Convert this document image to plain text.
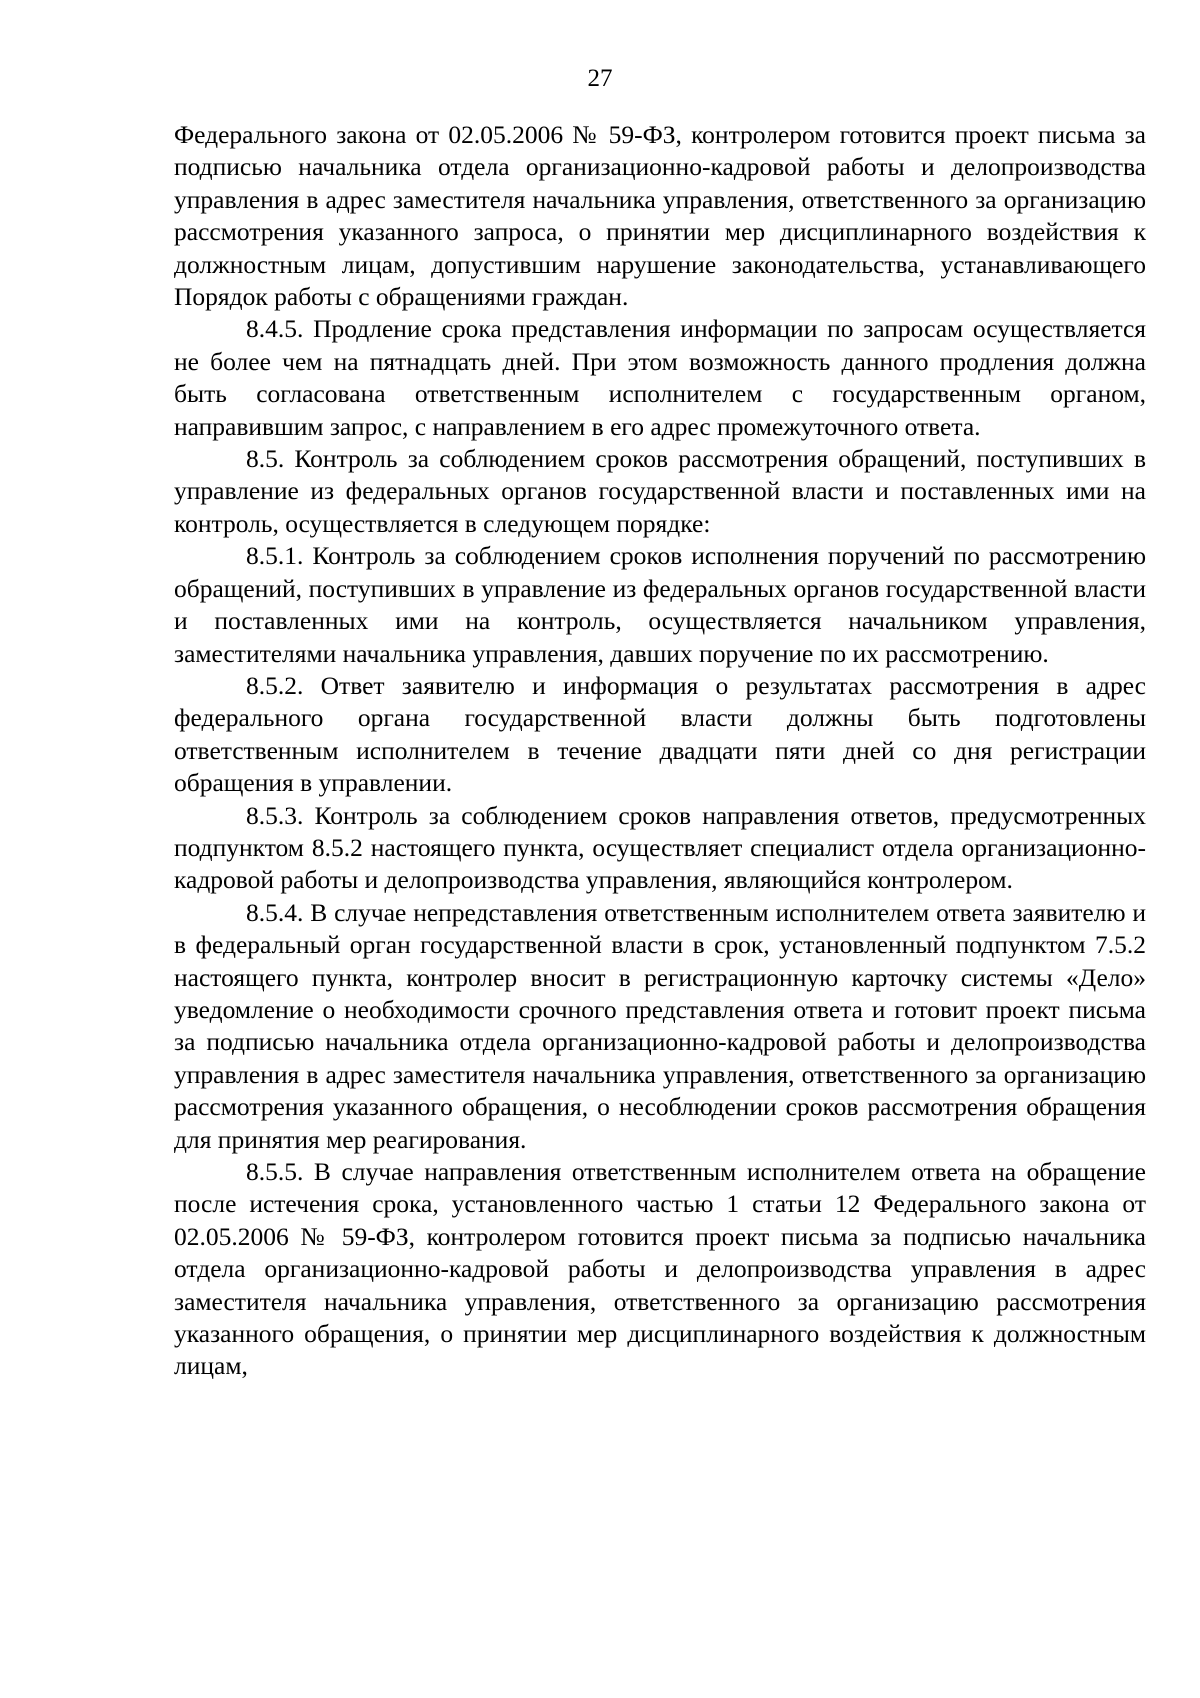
27

Федерального закона от 02.05.2006 № 59-ФЗ, контролером готовится проект письма за подписью начальника отдела организационно-кадровой работы и делопроизводства управления в адрес заместителя начальника управления, ответственного за организацию рассмотрения указанного запроса, о принятии мер дисциплинарного воздействия к должностным лицам, допустившим нарушение законодательства, устанавливающего Порядок работы с обращениями граждан.

8.4.5. Продление срока представления информации по запросам осуществляется не более чем на пятнадцать дней. При этом возможность данного продления должна быть согласована ответственным исполнителем с государственным органом, направившим запрос, с направлением в его адрес промежуточного ответа.

8.5. Контроль за соблюдением сроков рассмотрения обращений, поступивших в управление из федеральных органов государственной власти и поставленных ими на контроль, осуществляется в следующем порядке:

8.5.1. Контроль за соблюдением сроков исполнения поручений по рассмотрению обращений, поступивших в управление из федеральных органов государственной власти и поставленных ими на контроль, осуществляется начальником управления, заместителями начальника управления, давших поручение по их рассмотрению.

8.5.2. Ответ заявителю и информация о результатах рассмотрения в адрес федерального органа государственной власти должны быть подготовлены ответственным исполнителем в течение двадцати пяти дней со дня регистрации обращения в управлении.

8.5.3. Контроль за соблюдением сроков направления ответов, предусмотренных подпунктом 8.5.2 настоящего пункта, осуществляет специалист отдела организационно-кадровой работы и делопроизводства управления, являющийся контролером.

8.5.4. В случае непредставления ответственным исполнителем ответа заявителю и в федеральный орган государственной власти в срок, установленный подпунктом 7.5.2 настоящего пункта, контролер вносит в регистрационную карточку системы «Дело» уведомление о необходимости срочного представления ответа и готовит проект письма за подписью начальника отдела организационно-кадровой работы и делопроизводства управления в адрес заместителя начальника управления, ответственного за организацию рассмотрения указанного обращения, о несоблюдении сроков рассмотрения обращения для принятия мер реагирования.

8.5.5. В случае направления ответственным исполнителем ответа на обращение после истечения срока, установленного частью 1 статьи 12 Федерального закона от 02.05.2006 № 59-ФЗ, контролером готовится проект письма за подписью начальника отдела организационно-кадровой работы и делопроизводства управления в адрес заместителя начальника управления, ответственного за организацию рассмотрения указанного обращения, о принятии мер дисциплинарного воздействия к должностным лицам,
